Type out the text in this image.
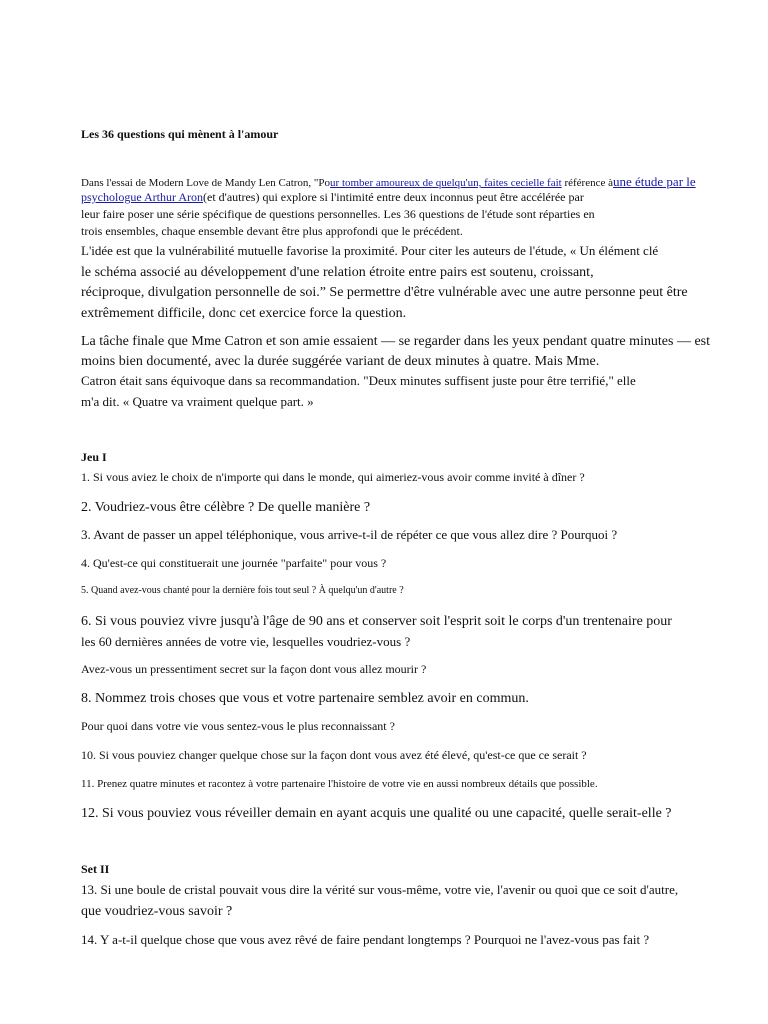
Les 36 questions qui mènent à l'amour
Dans l'essai de Modern Love de Mandy Len Catron, "Pour tomber amoureux de quelqu'un, faites cecielle fait référence àune étude par le
psychologue Arthur Aron (et d'autres) qui explore si l'intimité entre deux inconnus peut être accélérée par
leur faire poser une série spécifique de questions personnelles. Les 36 questions de l'étude sont réparties en
trois ensembles, chaque ensemble devant être plus approfondi que le précédent.
L'idée est que la vulnérabilité mutuelle favorise la proximité. Pour citer les auteurs de l'étude, « Un élément clé
le schéma associé au développement d'une relation étroite entre pairs est soutenu, croissant,
réciproque, divulgation personnelle de soi.” Se permettre d'être vulnérable avec une autre personne peut être
extrêmement difficile, donc cet exercice force la question.
La tâche finale que Mme Catron et son amie essaient — se regarder dans les yeux pendant quatre minutes — est
moins bien documenté, avec la durée suggérée variant de deux minutes à quatre. Mais Mme.
Catron était sans équivoque dans sa recommandation. "Deux minutes suffisent juste pour être terrifié," elle
m'a dit. « Quatre va vraiment quelque part. »
Jeu I
1. Si vous aviez le choix de n'importe qui dans le monde, qui aimeriez-vous avoir comme invité à dîner ?
2. Voudriez-vous être célèbre ? De quelle manière ?
3. Avant de passer un appel téléphonique, vous arrive-t-il de répéter ce que vous allez dire ? Pourquoi ?
4. Qu'est-ce qui constituerait une journée "parfaite" pour vous ?
5. Quand avez-vous chanté pour la dernière fois tout seul ? À quelqu'un d'autre ?
6. Si vous pouviez vivre jusqu'à l'âge de 90 ans et conserver soit l'esprit soit le corps d'un trentenaire pour
les 60 dernières années de votre vie, lesquelles voudriez-vous ?
Avez-vous un pressentiment secret sur la façon dont vous allez mourir ?
8. Nommez trois choses que vous et votre partenaire semblez avoir en commun.
Pour quoi dans votre vie vous sentez-vous le plus reconnaissant ?
10. Si vous pouviez changer quelque chose sur la façon dont vous avez été élevé, qu'est-ce que ce serait ?
11. Prenez quatre minutes et racontez à votre partenaire l'histoire de votre vie en aussi nombreux détails que possible.
12. Si vous pouviez vous réveiller demain en ayant acquis une qualité ou une capacité, quelle serait-elle ?
Set II
13. Si une boule de cristal pouvait vous dire la vérité sur vous-même, votre vie, l'avenir ou quoi que ce soit d'autre,
que voudriez-vous savoir ?
14. Y a-t-il quelque chose que vous avez rêvé de faire pendant longtemps ? Pourquoi ne l'avez-vous pas fait ?
